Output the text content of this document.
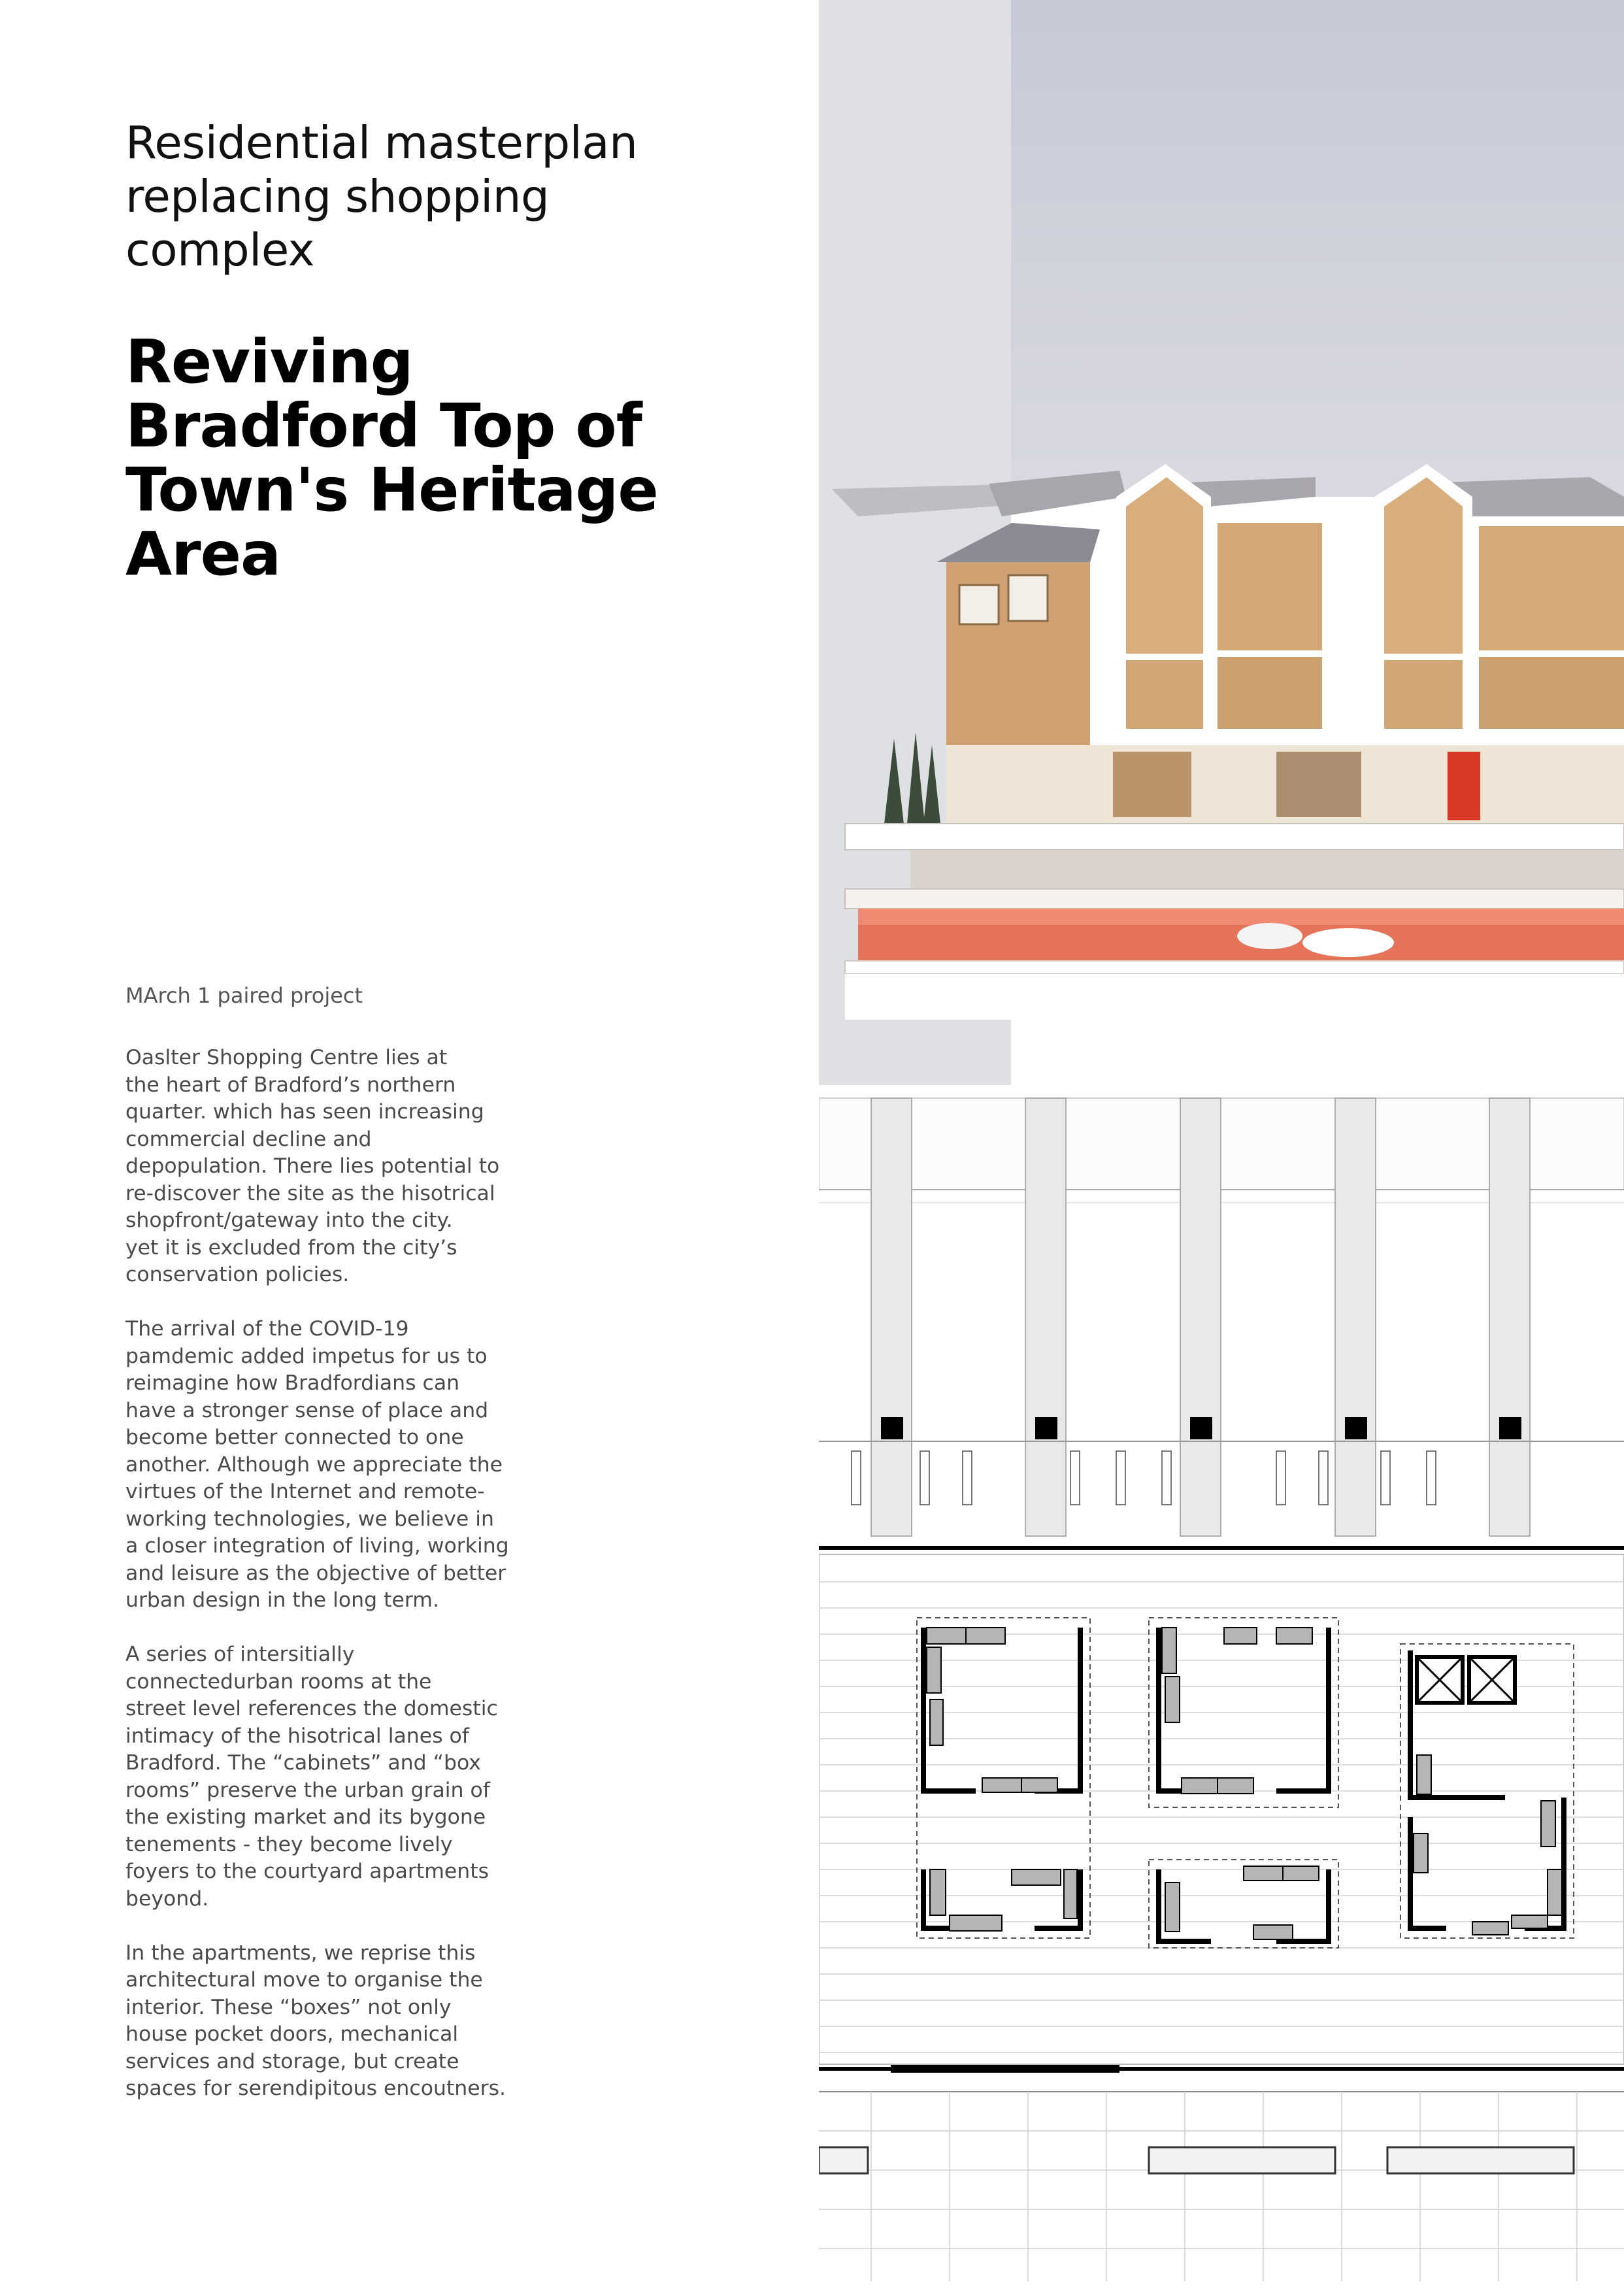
Residential masterplan replacing shopping complex
Reviving Bradford Top of Town's Heritage Area

MArch 1 paired project

Oaslter Shopping Centre lies at
the heart of Bradford’s northern
quarter. which has seen increasing
commercial decline and
depopulation. There lies potential to
re-discover the site as the hisotrical
shopfront/gateway into the city.
yet it is excluded from the city’s
conservation policies.

The arrival of the COVID-19
pamdemic added impetus for us to
reimagine how Bradfordians can
have a stronger sense of place and
become better connected to one
another. Although we appreciate the
virtues of the Internet and remote-
working technologies, we believe in
a closer integration of living, working
and leisure as the objective of better
urban design in the long term.

A series of intersitially
connectedurban rooms at the
street level references the domestic
intimacy of the hisotrical lanes of
Bradford. The “cabinets” and “box
rooms” preserve the urban grain of
the existing market and its bygone
tenements - they become lively
foyers to the courtyard apartments
beyond.

In the apartments, we reprise this
architectural move to organise the
interior. These “boxes” not only
house pocket doors, mechanical
services and storage, but create
spaces for serendipitous encoutners.
